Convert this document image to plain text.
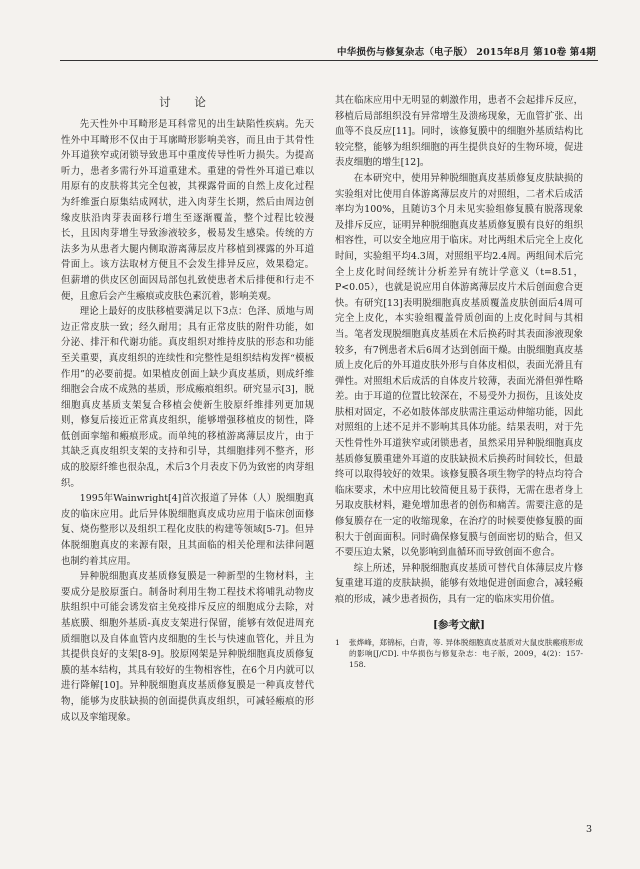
中华损伤与修复杂志（电子版） 2015年8月 第10卷 第4期
讨 论

先天性外中耳畸形是耳科常见的出生缺陷性疾病。先天性外中耳畸形不仅由于耳廓畸形影响美容，而且由于其骨性外耳道狭窄或闭锁导致患耳中重度传导性听力损失。为提高听力，患者多需行外耳道重建术。重建的骨性外耳道已难以用原有的皮肤将其完全包被，其裸露骨面的自然上皮化过程为纤维蛋白原集结成网状，进入肉芽生长期，然后由周边创缘皮肤沿肉芽表面移行增生至逐渐覆盖，整个过程比较漫长，且因肉芽增生导致渗液较多，极易发生感染。传统的方法多为从患者大腿内侧取游离薄层皮片移植到裸露的外耳道骨面上。该方法取材方便且不会发生排异反应，效果稳定。但薪增的供皮区创面因局部包扎致使患者术后排便和行走不便，且愈后会产生瘢痕或皮肤色素沉着，影响美观。

理论上最好的皮肤移植要满足以下3点：色泽、质地与周边正常皮肤一致；经久耐用；具有正常皮肤的附件功能，如分泌、排汗和代谢功能。真皮组织对维持皮肤的形态和功能至关重要，真皮组织的连续性和完整性是组织结构发挥“模板作用”的必要前提。如果植皮创面上缺少真皮基质，则成纤维细胞会合成不成熟的基质，形成瘢痕组织。研究显示[3]，脱细胞真皮基质支架复合移植会使新生胶原纤维排列更加规则，修复后接近正常真皮组织，能够增强移植皮的韧性，降低创面挛缩和瘢痕形成。而单纯的移植游离薄层皮片，由于其缺乏真皮组织支架的支持和引导，其细胞排列不整齐，形成的胶原纤维也很杂乱，术后3个月表皮下仍为致密的肉芽组织。

1995年Wainwright[4]首次报道了异体（人）脱细胞真皮的临床应用。此后异体脱细胞真皮成功应用于临床创面修复、烧伤整形以及组织工程化皮肤的构建等领域[5-7]。但异体脱细胞真皮的来源有限，且其面临的相关伦理和法律问题也制约着其应用。

异种脱细胞真皮基质修复膜是一种新型的生物材料，主要成分是胶原蛋白。制备时利用生物工程技术将哺乳动物皮肤组织中可能会诱发宿主免疫排斥反应的细胞成分去除，对基底膜、细胞外基质-真皮支架进行保留，能够有效促进周充质细胞以及自体血管内皮细胞的生长与快速血管化，并且为其提供良好的支架[8-9]。胶原网架是异种脱细胞真皮质修复膜的基本结构，其具有较好的生物相容性，在6个月内就可以进行降解[10]。异种脱细胞真皮基质修复膜是一种真皮替代物，能够为皮肤缺损的创面提供真皮组织，可减轻瘢痕的形成以及挛缩现象。

其在临床应用中无明显的刺激作用，患者不会起排斥反应，移植后局部组织没有异常增生及溃疡现象，无血管扩张、出血等不良反应[11]。同时，该修复膜中的细胞外基质结构比较完整，能够为组织细胞的再生提供良好的生物环境，促进表皮细胞的增生[12]。

在本研究中，使用异种脱细胞真皮基质修复皮肤缺损的实验组对比使用自体游离薄层皮片的对照组，二者术后成活率均为100%，且随访3个月未见实验组修复膜有脱落现象及排斥反应，证明异种脱细胞真皮基质修复膜有良好的组织相容性，可以安全地应用于临床。对比两组术后完全上皮化时间，实验组平均4.3周，对照组平均2.4周。两组间术后完全上皮化时间经统计分析差异有统计学意义（t=8.51，P<0.05），也就是说应用自体游离薄层皮片术后创面愈合更快。有研究[13]表明脱细胞真皮基质覆盖皮肤创面后4周可完全上皮化，本实验组覆盖骨质创面的上皮化时间与其相当。笔者发现脱细胞真皮基质在术后换药时其表面渗液现象较多，有7例患者术后6周才达到创面干燥。由脱细胞真皮基质上皮化后的外耳道皮肤外形与自体皮相似，表面光滑且有弹性。对照组术后成活的自体皮片较薄，表面光滑但弹性略差。由于耳道的位置比较深在，不易受外力损伤，且该处皮肤相对固定，不必如肢体部皮肤需注重运动伸缩功能，因此对照组的上述不足并不影响其具体功能。结果表明，对于先天性骨性外耳道狭窄或闭锁患者，虽然采用异种脱细胞真皮基质修复膜重建外耳道的皮肤缺损术后换药时间较长，但最终可以取得较好的效果。该修复膜各项生物学的特点均符合临床要求，术中应用比较简便且易于获得，无需在患者身上另取皮肤材料，避免增加患者的创伤和痛苦。需要注意的是修复膜存在一定的收缩现象，在治疗的时候要使修复膜的面积大于创面面积。同时确保修复膜与创面密切的贴合，但又不要压迫太紧，以免影响到血循环而导致创面不愈合。

综上所述，异种脱细胞真皮基质可替代自体薄层皮片修复重建耳道的皮肤缺损，能够有效地促进创面愈合，减轻瘢痕的形成，减少患者损伤，具有一定的临床实用价值。

[参考文献]
1	张烨峰，郑锦标，白青，等. 异体脱细胞真皮基质对大鼠皮肤瘢痕形成的影响[J/CD]. 中华损伤与修复杂志：电子版，2009，4(2)：157-158.
3
